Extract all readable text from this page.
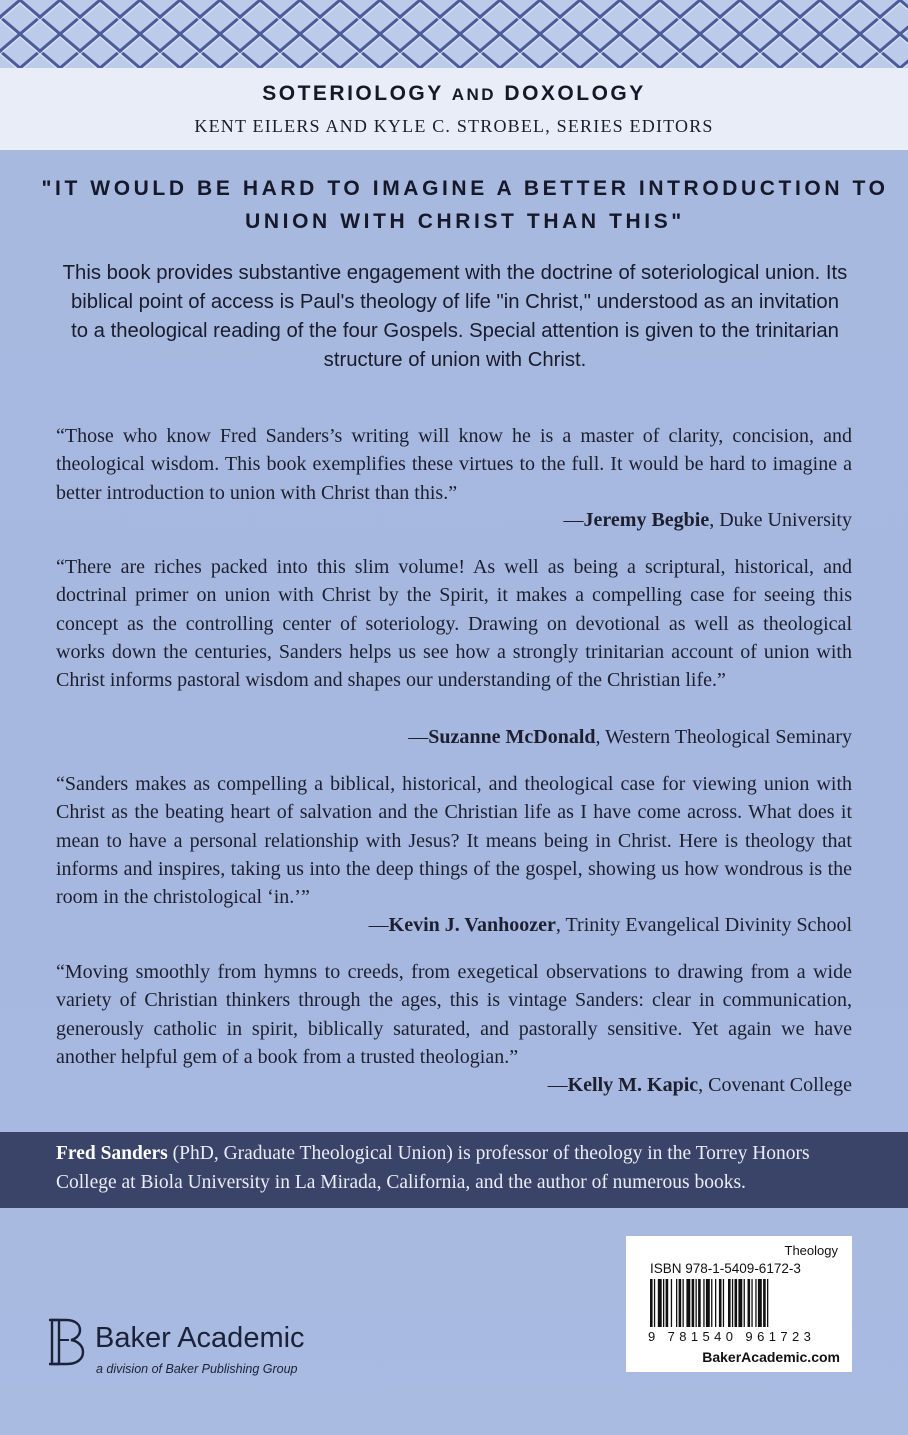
SOTERIOLOGY AND DOXOLOGY
KENT EILERS AND KYLE C. STROBEL, SERIES EDITORS
"IT WOULD BE HARD TO IMAGINE A BETTER INTRODUCTION TO UNION WITH CHRIST THAN THIS"
This book provides substantive engagement with the doctrine of soteriological union. Its biblical point of access is Paul's theology of life "in Christ," understood as an invitation to a theological reading of the four Gospels. Special attention is given to the trinitarian structure of union with Christ.
“Those who know Fred Sanders’s writing will know he is a master of clarity, concision, and theological wisdom. This book exemplifies these virtues to the full. It would be hard to imagine a better introduction to union with Christ than this.”
—Jeremy Begbie, Duke University
“There are riches packed into this slim volume! As well as being a scriptural, historical, and doctrinal primer on union with Christ by the Spirit, it makes a compelling case for seeing this concept as the controlling center of soteriology. Drawing on devotional as well as theological works down the centuries, Sanders helps us see how a strongly trinitarian account of union with Christ informs pastoral wisdom and shapes our understanding of the Christian life.”
—Suzanne McDonald, Western Theological Seminary
“Sanders makes as compelling a biblical, historical, and theological case for viewing union with Christ as the beating heart of salvation and the Christian life as I have come across. What does it mean to have a personal relationship with Jesus? It means being in Christ. Here is theology that informs and inspires, taking us into the deep things of the gospel, showing us how wondrous is the room in the christological ‘in.’”
—Kevin J. Vanhoozer, Trinity Evangelical Divinity School
“Moving smoothly from hymns to creeds, from exegetical observations to drawing from a wide variety of Christian thinkers through the ages, this is vintage Sanders: clear in communication, generously catholic in spirit, biblically saturated, and pastorally sensitive. Yet again we have another helpful gem of a book from a trusted theologian.”
—Kelly M. Kapic, Covenant College
Fred Sanders (PhD, Graduate Theological Union) is professor of theology in the Torrey Honors College at Biola University in La Mirada, California, and the author of numerous books.
Baker Academic
a division of Baker Publishing Group
Theology
ISBN 978-1-5409-6172-3
9 781540 961723
BakerAcademic.com
